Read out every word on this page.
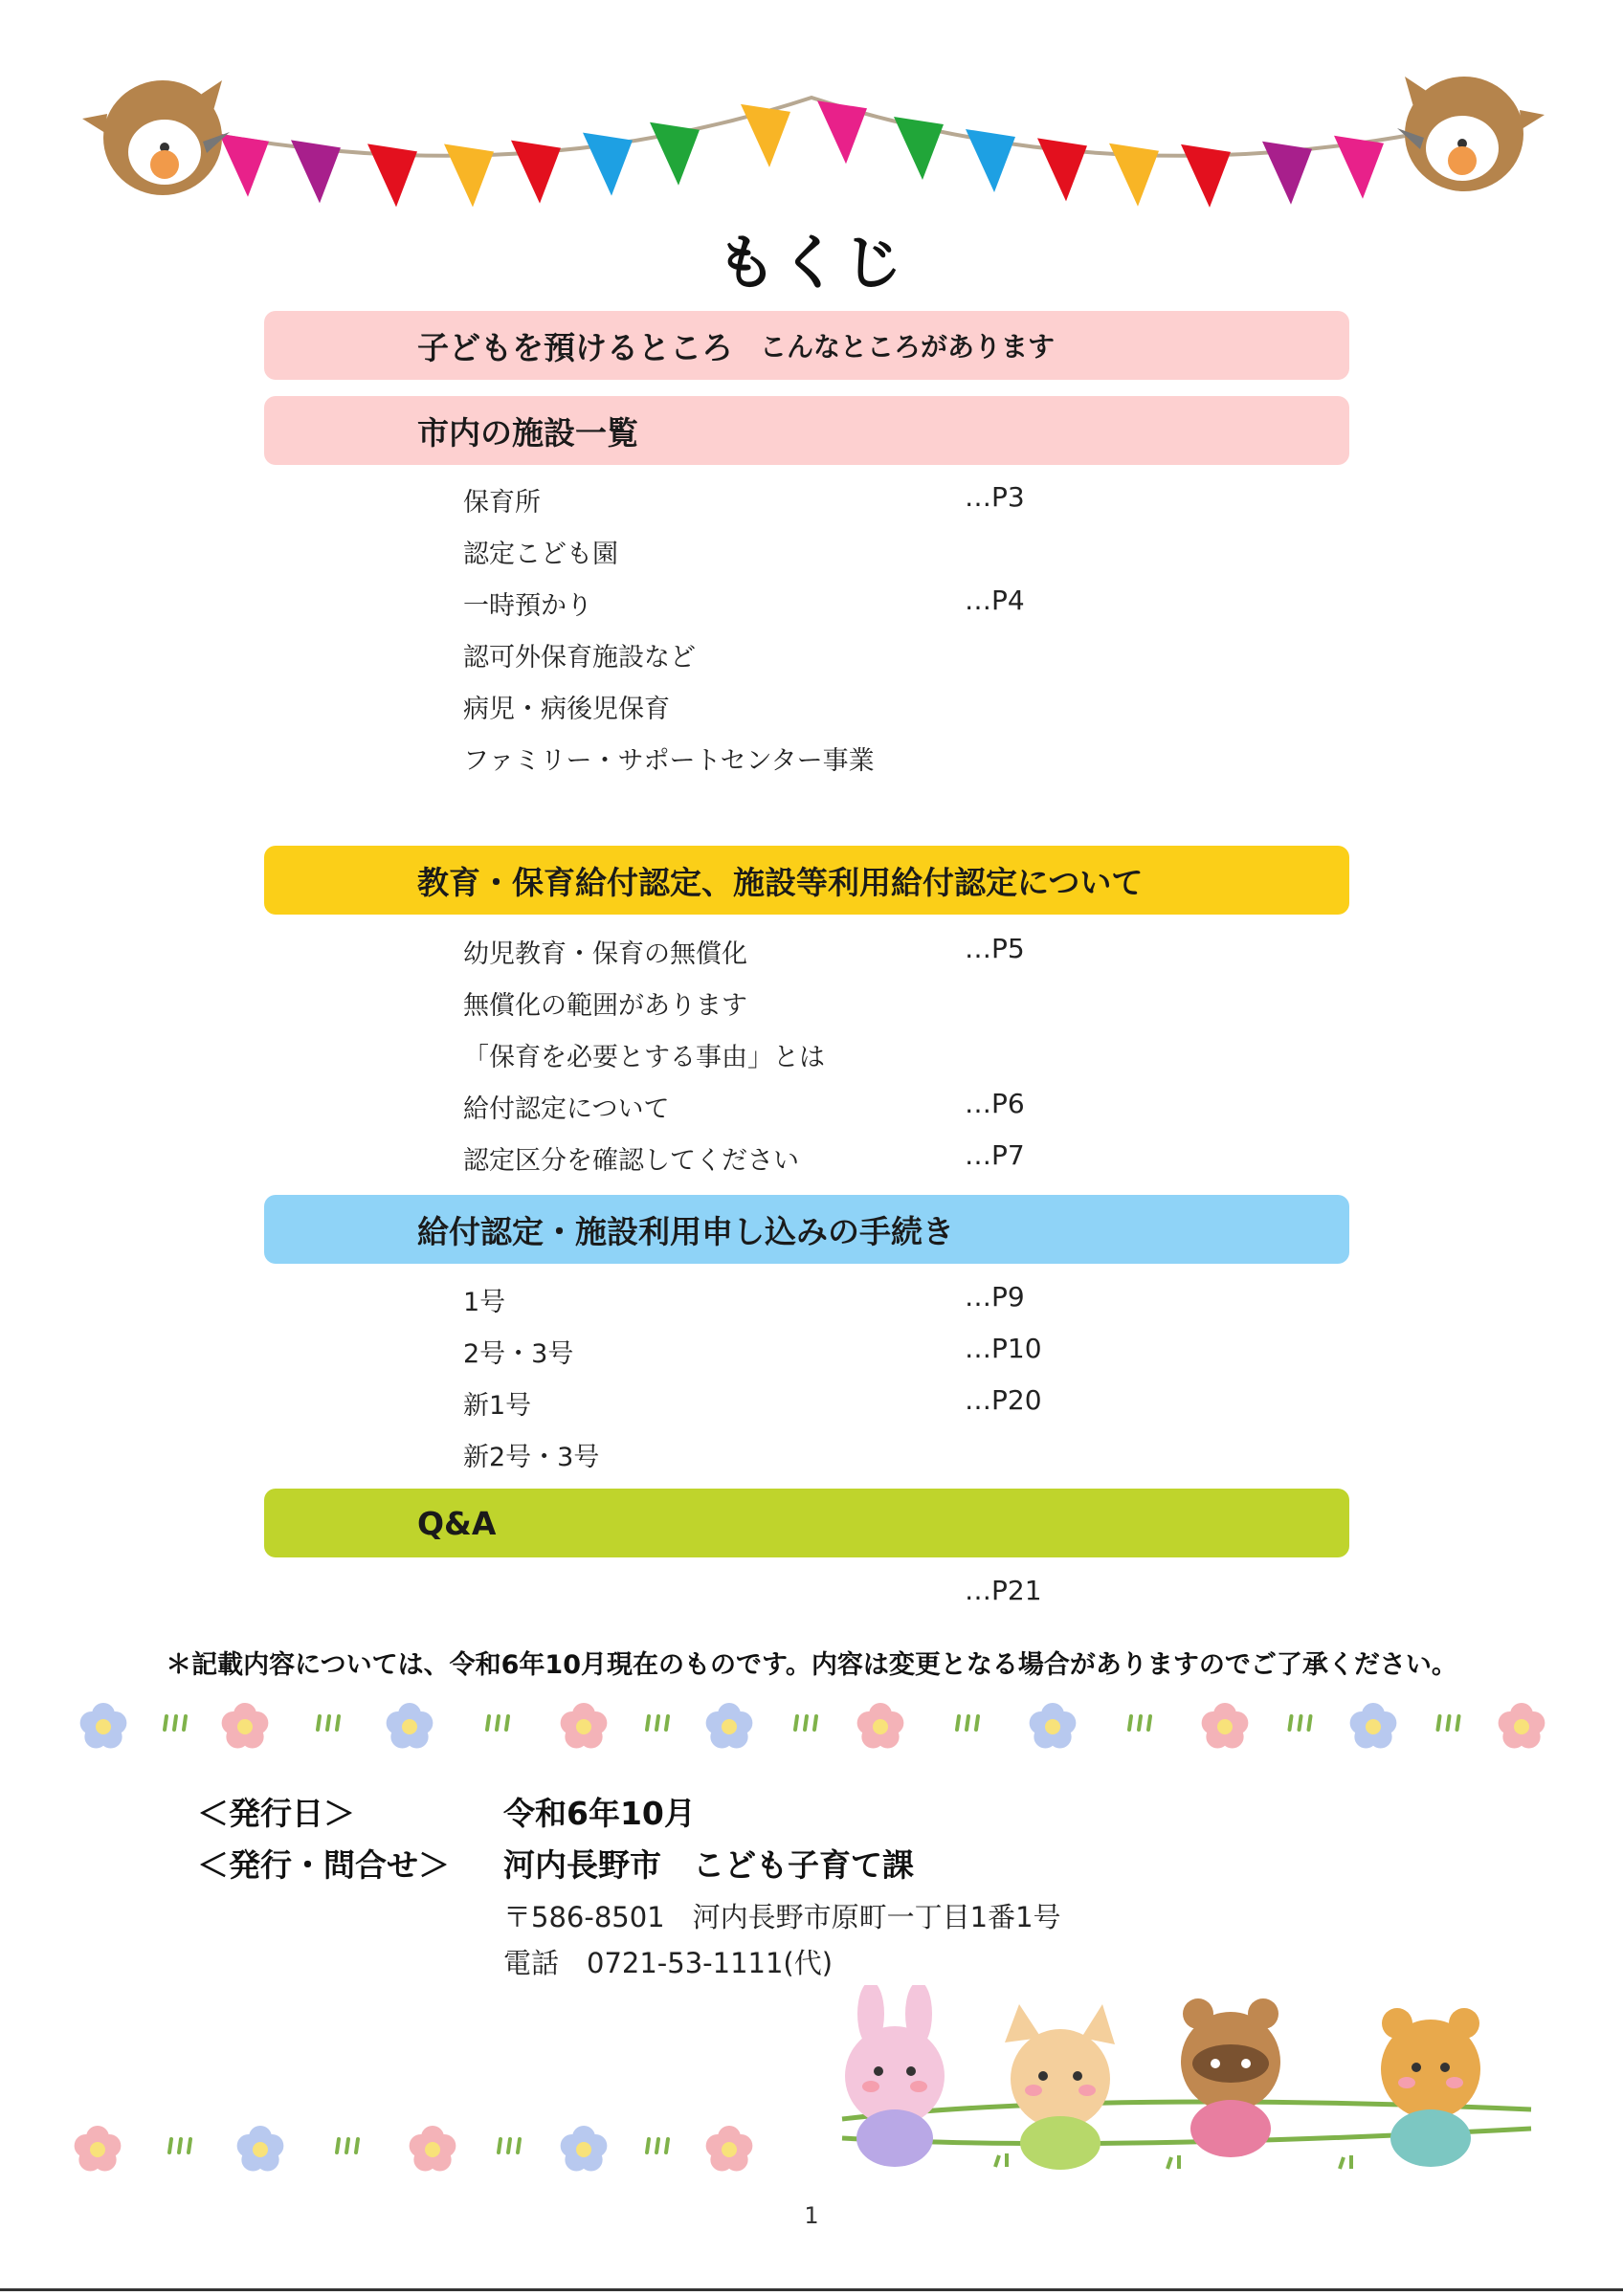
もくじ
子どもを預けるところ こんなところがあります
市内の施設一覧
保育所	…P3
認定こども園
一時預かり	…P4
認可外保育施設など
病児・病後児保育
ファミリー・サポートセンター事業
教育・保育給付認定、施設等利用給付認定について
幼児教育・保育の無償化	…P5
無償化の範囲があります
「保育を必要とする事由」とは
給付認定について	…P6
認定区分を確認してください	…P7
給付認定・施設利用申し込みの手続き
1号	…P9
2号・3号	…P10
新1号	…P20
新2号・3号
Q&A
…P21
＊記載内容については、令和6年10月現在のものです。内容は変更となる場合がありますのでご了承ください。
＜発行日＞	令和6年10月
＜発行・問合せ＞ 河内長野市　こども子育て課
〒586-8501　河内長野市原町一丁目1番1号
電話　0721-53-1111(代)
1
